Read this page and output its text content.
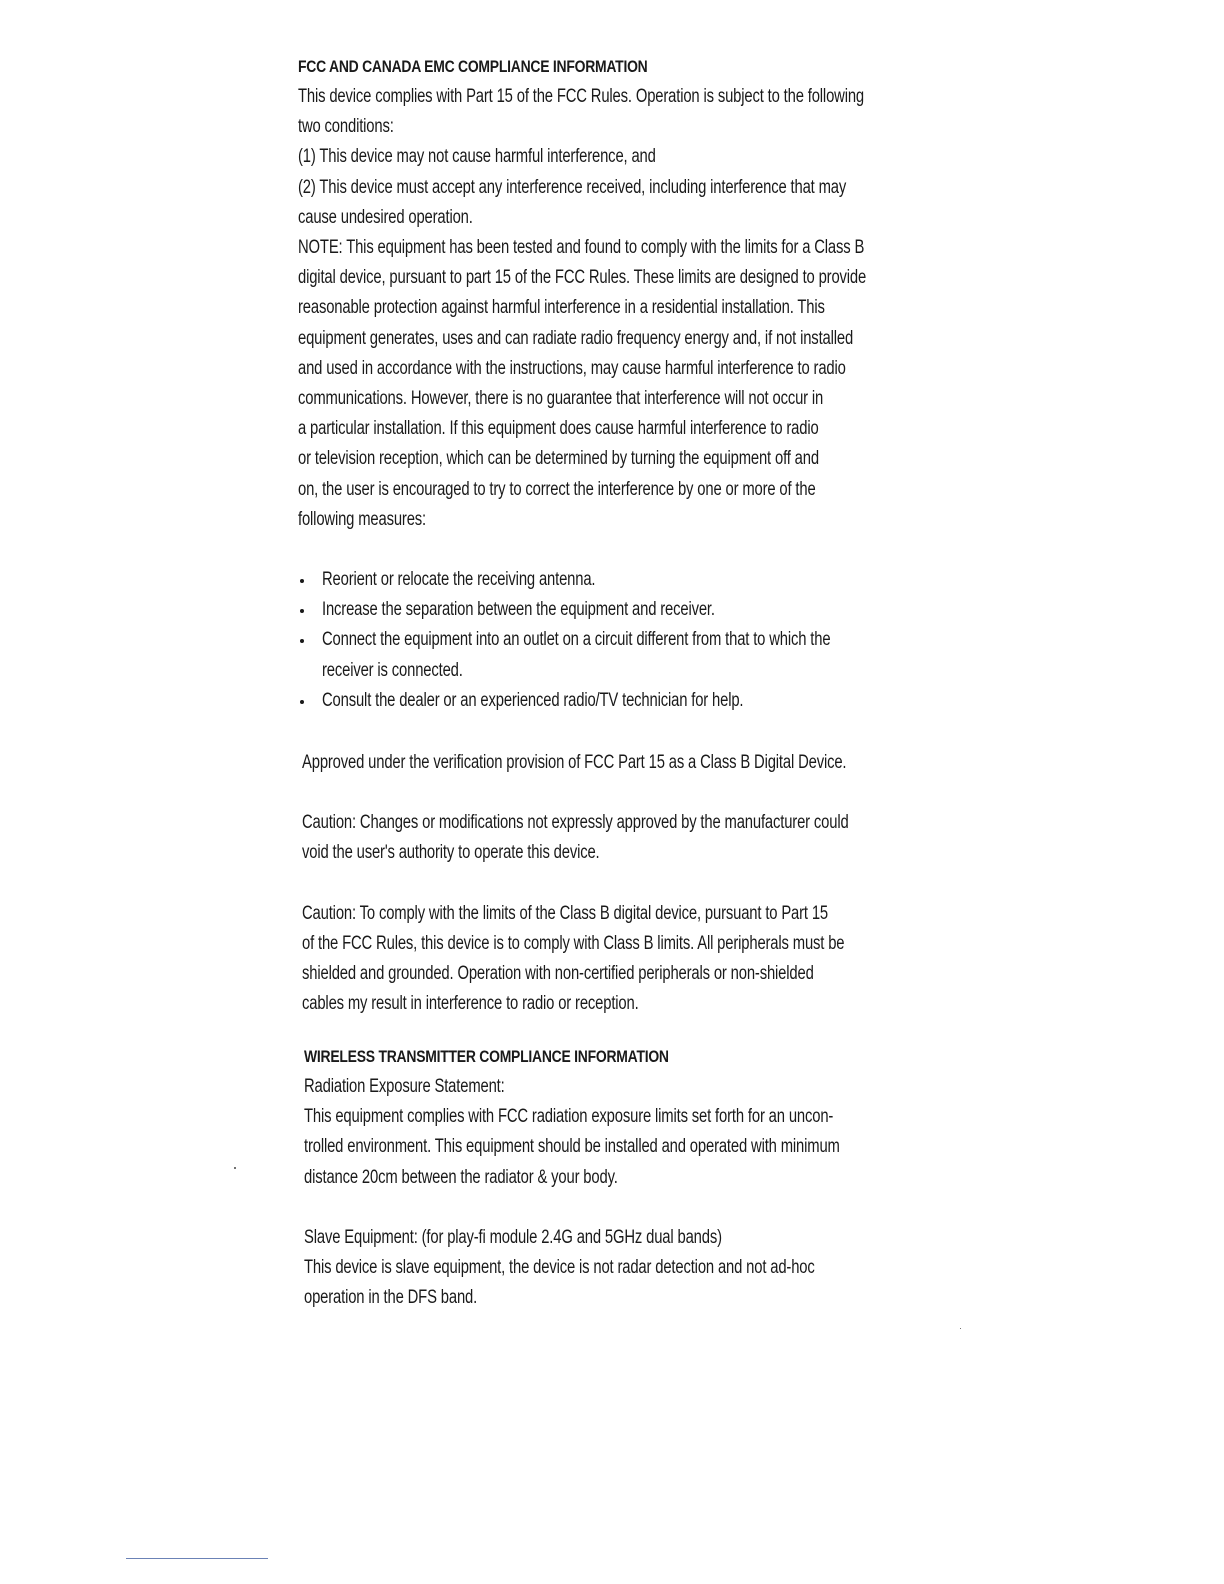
FCC AND CANADA EMC COMPLIANCE INFORMATION

This device complies with Part 15 of the FCC Rules. Operation is subject to the following

two conditions:

(1) This device may not cause harmful interference, and

(2) This device must accept any interference received, including interference that may

cause undesired operation.

NOTE: This equipment has been tested and found to comply with the limits for a Class B

digital device, pursuant to part 15 of the FCC Rules. These limits are designed to provide

reasonable protection against harmful interference in a residential installation. This

equipment generates, uses and can radiate radio frequency energy and, if not installed

and used in accordance with the instructions, may cause harmful interference to radio

communications. However, there is no guarantee that interference will not occur in

a particular installation. If this equipment does cause harmful interference to radio

or television reception, which can be determined by turning the equipment off and

on, the user is encouraged to try to correct the interference by one or more of the

following measures:

Reorient or relocate the receiving antenna.

Increase the separation between the equipment and receiver.

Connect the equipment into an outlet on a circuit different from that to which the

receiver is connected.

Consult the dealer or an experienced radio/TV technician for help.

Approved under the verification provision of FCC Part 15 as a Class B Digital Device.

Caution: Changes or modifications not expressly approved by the manufacturer could

void the user's authority to operate this device.

Caution: To comply with the limits of the Class B digital device, pursuant to Part 15

of the FCC Rules, this device is to comply with Class B limits. All peripherals must be

shielded and grounded. Operation with non-certified peripherals or non-shielded

cables my result in interference to radio or reception.

WIRELESS TRANSMITTER COMPLIANCE INFORMATION

Radiation Exposure Statement:

This equipment complies with FCC radiation exposure limits set forth for an uncon-

trolled environment. This equipment should be installed and operated with minimum

distance 20cm between the radiator & your body.

Slave Equipment: (for play-fi module 2.4G and 5GHz dual bands)

This device is slave equipment, the device is not radar detection and not ad-hoc

operation in the DFS band.
